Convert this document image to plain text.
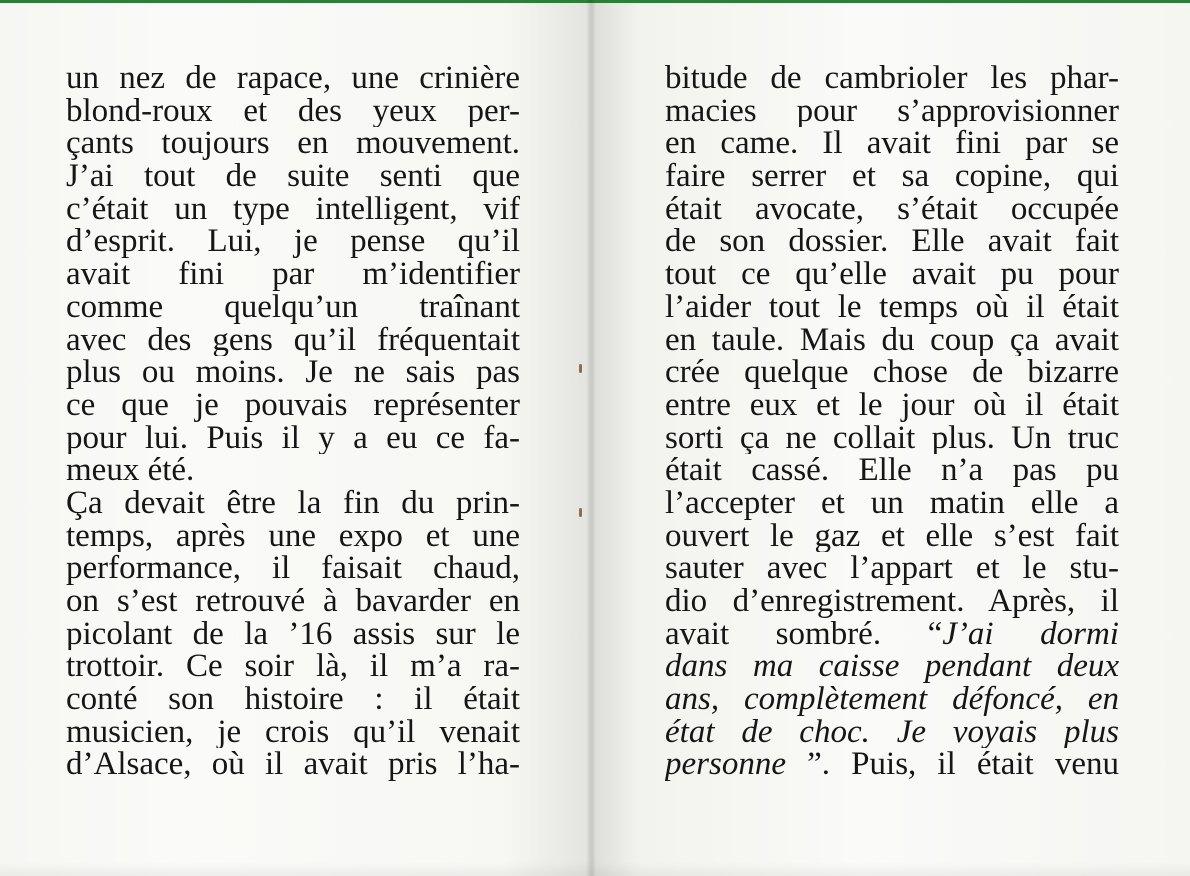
un nez de rapace, une crinière
blond-roux et des yeux per-
çants toujours en mouvement.
J’ai tout de suite senti que
c’était un type intelligent, vif
d’esprit. Lui, je pense qu’il
avait fini par m’identifier
comme quelqu’un traînant
avec des gens qu’il fréquentait
plus ou moins. Je ne sais pas
ce que je pouvais représenter
pour lui. Puis il y a eu ce fa-
meux été.
Ça devait être la fin du prin-
temps, après une expo et une
performance, il faisait chaud,
on s’est retrouvé à bavarder en
picolant de la ’16 assis sur le
trottoir. Ce soir là, il m’a ra-
conté son histoire : il était
musicien, je crois qu’il venait
d’Alsace, où il avait pris l’ha-
bitude de cambrioler les phar-
macies pour s’approvisionner
en came. Il avait fini par se
faire serrer et sa copine, qui
était avocate, s’était occupée
de son dossier. Elle avait fait
tout ce qu’elle avait pu pour
l’aider tout le temps où il était
en taule. Mais du coup ça avait
crée quelque chose de bizarre
entre eux et le jour où il était
sorti ça ne collait plus. Un truc
était cassé. Elle n’a pas pu
l’accepter et un matin elle a
ouvert le gaz et elle s’est fait
sauter avec l’appart et le stu-
dio d’enregistrement. Après, il
avait sombré. “J’ai dormi
dans ma caisse pendant deux
ans, complètement défoncé, en
état de choc. Je voyais plus
personne ”. Puis, il était venu
